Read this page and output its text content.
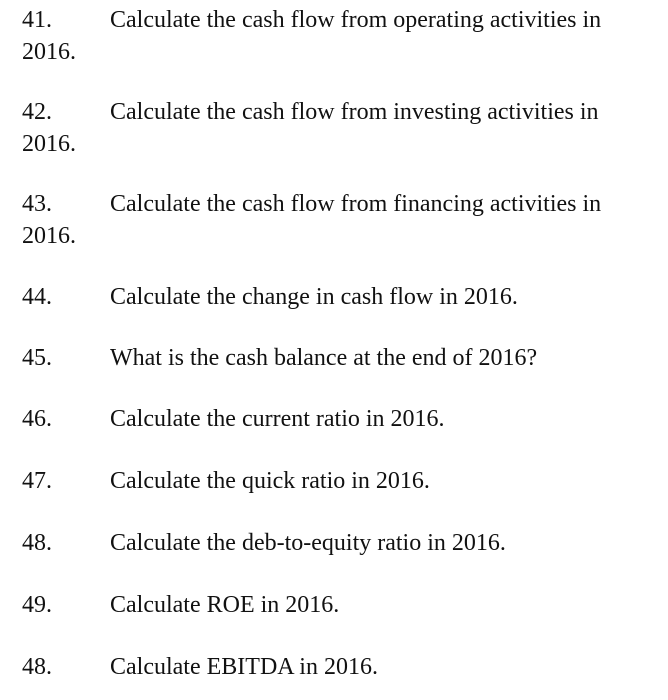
41. Calculate the cash flow from operating activities in
2016.
42. Calculate the cash flow from investing activities in
2016.
43. Calculate the cash flow from financing activities in
2016.
44. Calculate the change in cash flow in 2016.
45. What is the cash balance at the end of 2016?
46. Calculate the current ratio in 2016.
47. Calculate the quick ratio in 2016.
48. Calculate the deb-to-equity ratio in 2016.
49. Calculate ROE in 2016.
48. Calculate EBITDA in 2016.
